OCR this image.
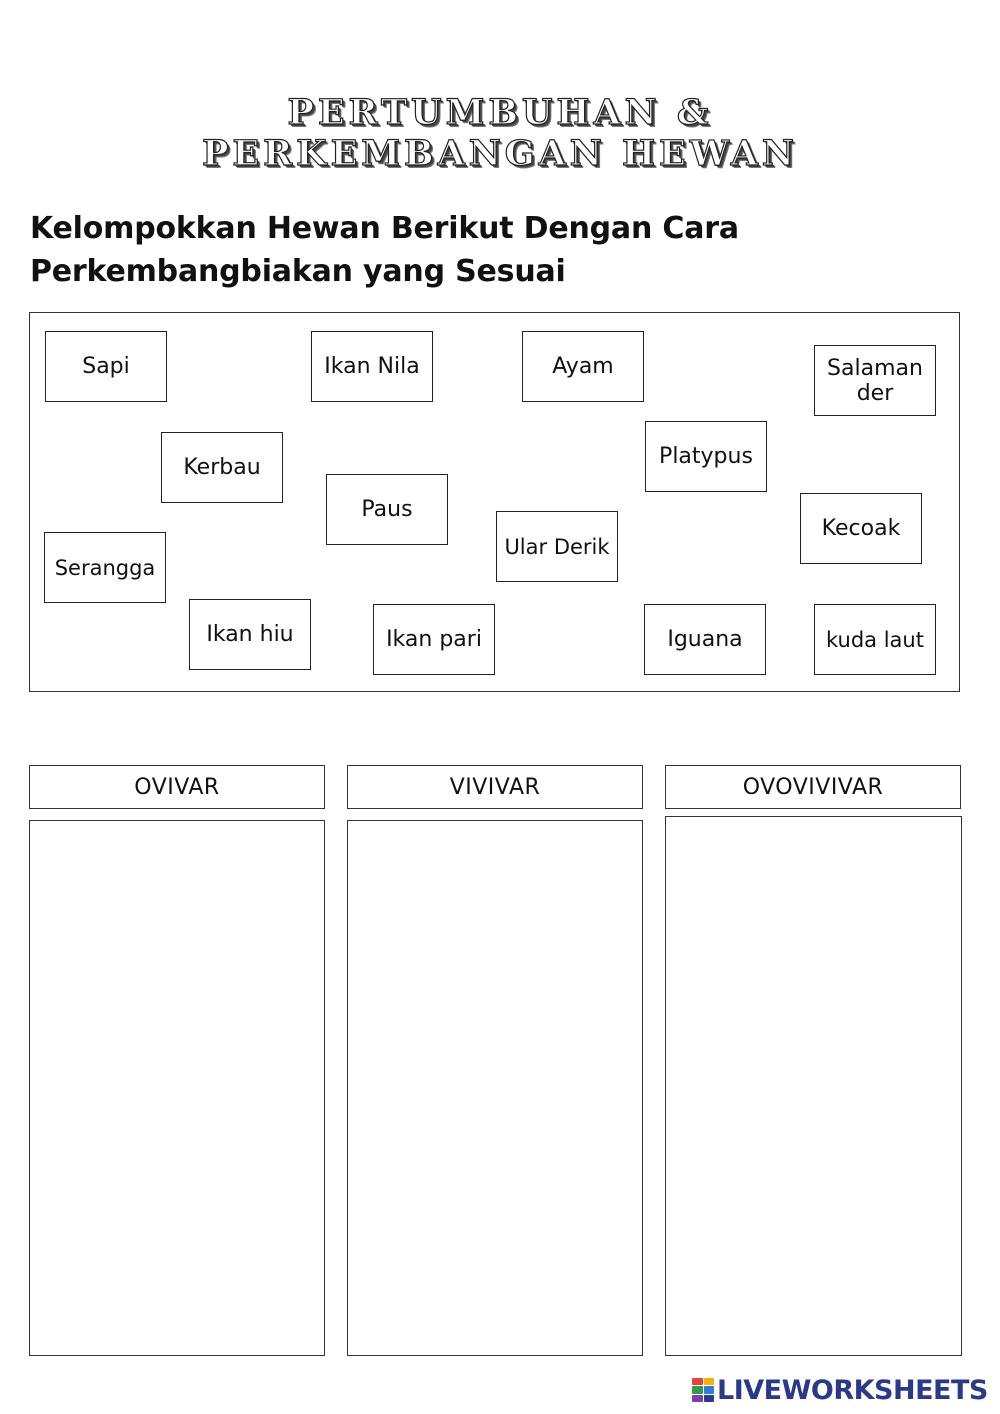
PERTUMBUHAN &
PERKEMBANGAN HEWAN
Kelompokkan Hewan Berikut Dengan Cara
Perkembangbiakan yang Sesuai
Sapi	Ikan Nila	Ayam	Salaman
der
Kerbau	Platypus
Paus
Ular Derik
Kecoak
Serangga
Ikan hiu	Ikan pari	Iguana	kuda laut
OVIVAR	VIVIVAR	OVOVIVIVAR
LIVEWORKSHEETS
